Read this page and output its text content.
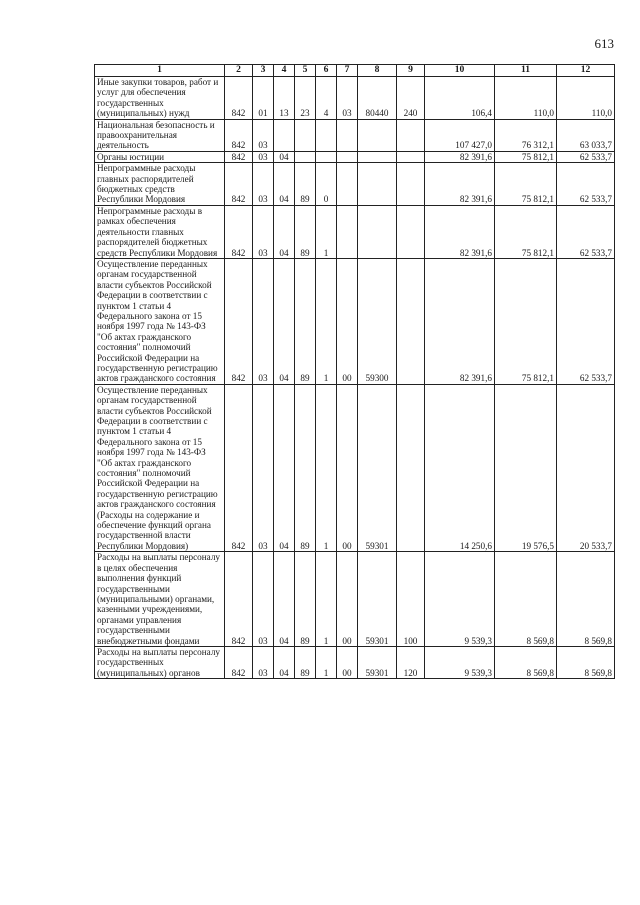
613
1	2	3	4	5	6	7	8	9	10	11	12
Иные закупки товаров, работ и услуг для обеспечения государственных (муниципальных) нужд	842	01	13	23	4	03	80440	240	106,4	110,0	110,0
Национальная безопасность и правоохранительная деятельность	842	03							107 427,0	76 312,1	63 033,7
Органы юстиции	842	03	04						82 391,6	75 812,1	62 533,7
Непрограммные расходы главных распорядителей бюджетных средств Республики Мордовия	842	03	04	89	0				82 391,6	75 812,1	62 533,7
Непрограммные расходы в рамках обеспечения деятельности главных распорядителей бюджетных средств Республики Мордовия	842	03	04	89	1				82 391,6	75 812,1	62 533,7
Осуществление переданных органам государственной власти субъектов Российской Федерации в соответствии с пунктом 1 статьи 4 Федерального закона от 15 ноября 1997 года № 143-ФЗ "Об актах гражданского состояния" полномочий Российской Федерации на государственную регистрацию актов гражданского состояния	842	03	04	89	1	00	59300		82 391,6	75 812,1	62 533,7
Осуществление переданных органам государственной власти субъектов Российской Федерации в соответствии с пунктом 1 статьи 4 Федерального закона от 15 ноября 1997 года № 143-ФЗ "Об актах гражданского состояния" полномочий Российской Федерации на государственную регистрацию актов гражданского состояния (Расходы на содержание и обеспечение функций органа государственной власти Республики Мордовия)	842	03	04	89	1	00	59301		14 250,6	19 576,5	20 533,7
Расходы на выплаты персоналу в целях обеспечения выполнения функций государственными (муниципальными) органами, казенными учреждениями, органами управления государственными внебюджетными фондами	842	03	04	89	1	00	59301	100	9 539,3	8 569,8	8 569,8
Расходы на выплаты персоналу государственных (муниципальных) органов	842	03	04	89	1	00	59301	120	9 539,3	8 569,8	8 569,8
